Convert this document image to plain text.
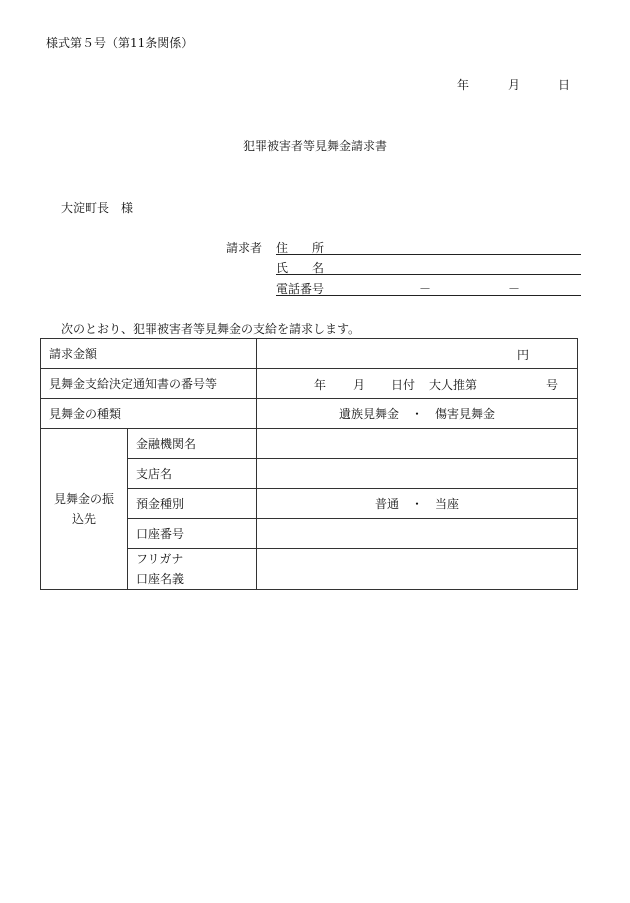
様式第５号（第11条関係）
年	月	日
犯罪被害者等見舞金請求書
大淀町長　様
請求者 住 所
氏 名
電話番号	－	－
次のとおり、犯罪被害者等見舞金の支給を請求します。
請求金額		円

見舞金支給決定通知書の番号等		年 月 日付 大人推第 号

見舞金の種類		遺族見舞金　・　傷害見舞金

見舞金の振
込先	金融機関名	
	支店名	
	預金種別	普通　・　当座
	口座番号	

	フリガナ
口座名義	
